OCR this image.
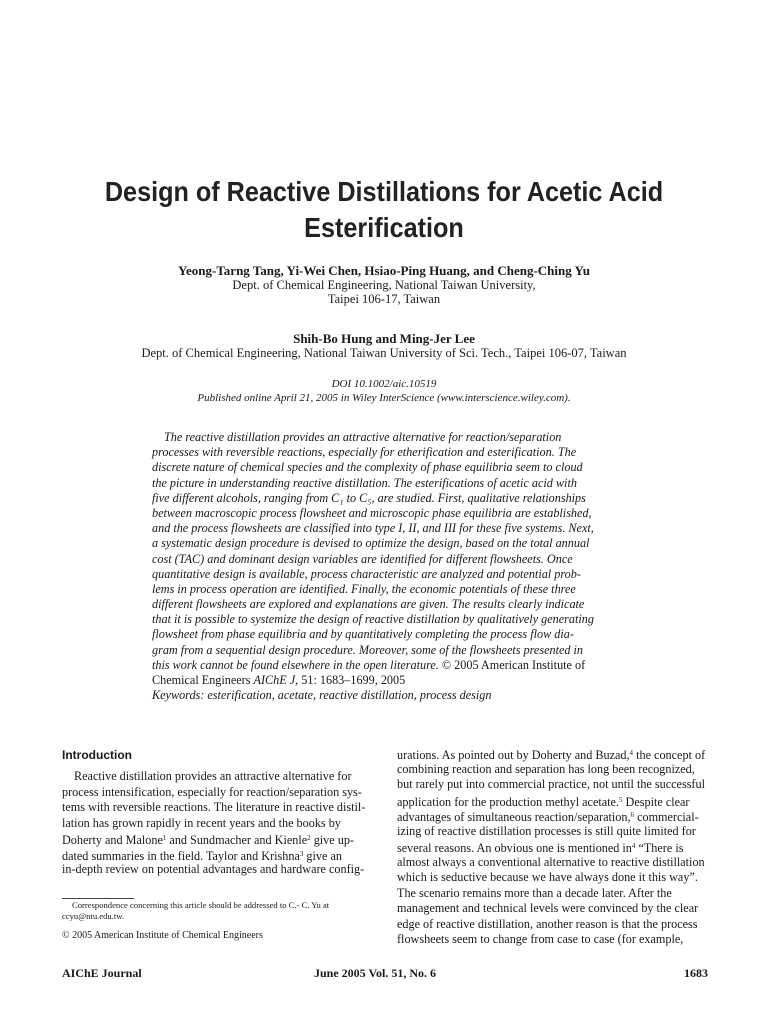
Design of Reactive Distillations for Acetic Acid
Esterification
Yeong-Tarng Tang, Yi-Wei Chen, Hsiao-Ping Huang, and Cheng-Ching Yu
Dept. of Chemical Engineering, National Taiwan University,
Taipei 106-17, Taiwan
Shih-Bo Hung and Ming-Jer Lee
Dept. of Chemical Engineering, National Taiwan University of Sci. Tech., Taipei 106-07, Taiwan
DOI 10.1002/aic.10519
Published online April 21, 2005 in Wiley InterScience (www.interscience.wiley.com).
The reactive distillation provides an attractive alternative for reaction/separation
processes with reversible reactions, especially for etherification and esterification. The
discrete nature of chemical species and the complexity of phase equilibria seem to cloud
the picture in understanding reactive distillation. The esterifications of acetic acid with
five different alcohols, ranging from C₁ to C₅, are studied. First, qualitative relationships
between macroscopic process flowsheet and microscopic phase equilibria are established,
and the process flowsheets are classified into type I, II, and III for these five systems. Next,
a systematic design procedure is devised to optimize the design, based on the total annual
cost (TAC) and dominant design variables are identified for different flowsheets. Once
quantitative design is available, process characteristic are analyzed and potential prob-
lems in process operation are identified. Finally, the economic potentials of these three
different flowsheets are explored and explanations are given. The results clearly indicate
that it is possible to systemize the design of reactive distillation by qualitatively generating
flowsheet from phase equilibria and by quantitatively completing the process flow dia-
gram from a sequential design procedure. Moreover, some of the flowsheets presented in
this work cannot be found elsewhere in the open literature. © 2005 American Institute of
Chemical Engineers AIChE J, 51: 1683–1699, 2005
Keywords: esterification, acetate, reactive distillation, process design
Introduction
Reactive distillation provides an attractive alternative for
process intensification, especially for reaction/separation sys-
tems with reversible reactions. The literature in reactive distil-
lation has grown rapidly in recent years and the books by
Doherty and Malone$^1$ and Sundmacher and Kienle$^2$ give up-
dated summaries in the field. Taylor and Krishna$^3$ give an
in-depth review on potential advantages and hardware config-
Correspondence concerning this article should be addressed to C.- C. Yu at
ccyu@ntu.edu.tw.
© 2005 American Institute of Chemical Engineers
urations. As pointed out by Doherty and Buzad,$^4$ the concept of
combining reaction and separation has long been recognized,
but rarely put into commercial practice, not until the successful
application for the production methyl acetate.$^5$ Despite clear
advantages of simultaneous reaction/separation,$^6$ commercial-
izing of reactive distillation processes is still quite limited for
several reasons. An obvious one is mentioned $in^4$ “There is
almost always a conventional alternative to reactive distillation
which is seductive because we have always done it this way”.
The scenario remains more than a decade later. After the
management and technical levels were convinced by the clear
edge of reactive distillation, another reason is that the process
flowsheets seem to change from case to case (for example,
AIChE Journal	June 2005 Vol. 51, No. 6	1683
